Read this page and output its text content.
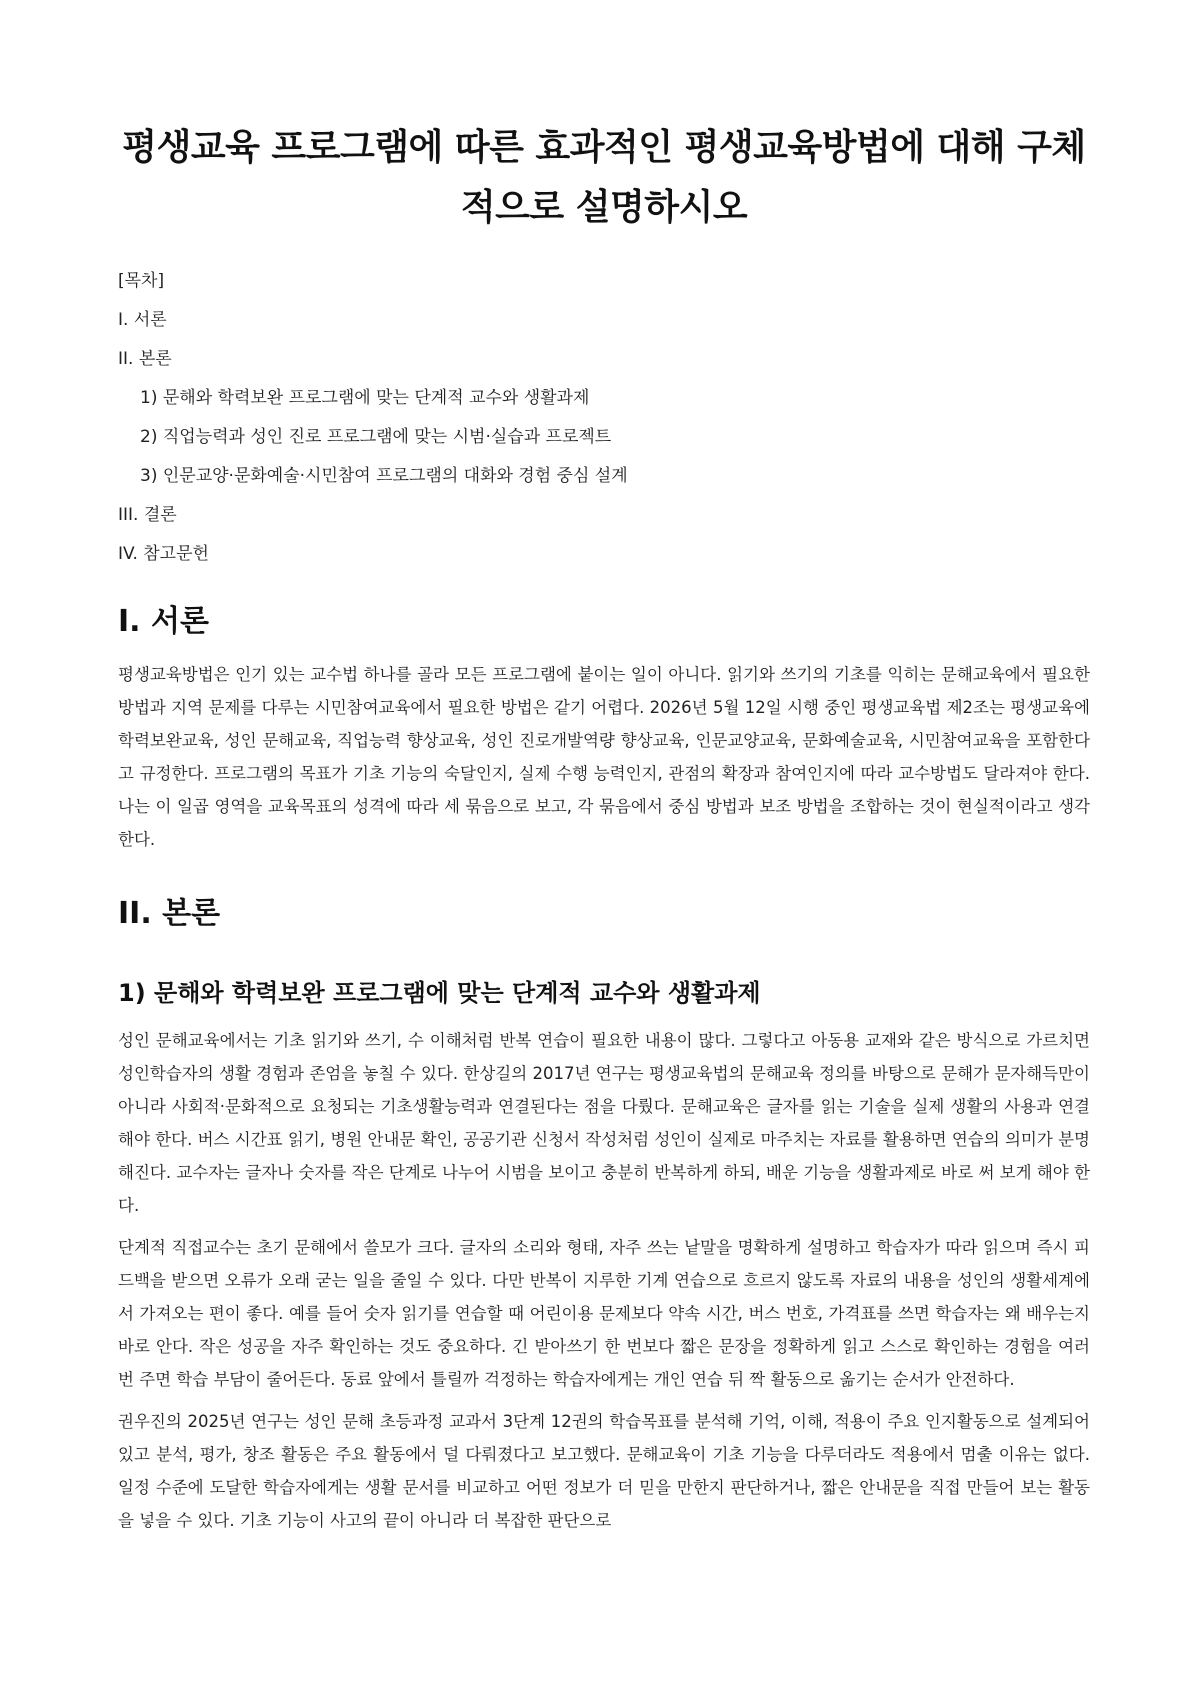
평생교육 프로그램에 따른 효과적인 평생교육방법에 대해 구체적으로 설명하시오
[목차]
I. 서론
II. 본론
1) 문해와 학력보완 프로그램에 맞는 단계적 교수와 생활과제
2) 직업능력과 성인 진로 프로그램에 맞는 시범·실습과 프로젝트
3) 인문교양·문화예술·시민참여 프로그램의 대화와 경험 중심 설계
III. 결론
IV. 참고문헌
I. 서론

평생교육방법은 인기 있는 교수법 하나를 골라 모든 프로그램에 붙이는 일이 아니다. 읽기와 쓰기의 기초를 익히는 문해교육에서 필요한 방법과 지역 문제를 다루는 시민참여교육에서 필요한 방법은 같기 어렵다. 2026년 5월 12일 시행 중인 평생교육법 제2조는 평생교육에 학력보완교육, 성인 문해교육, 직업능력 향상교육, 성인 진로개발역량 향상교육, 인문교양교육, 문화예술교육, 시민참여교육을 포함한다고 규정한다. 프로그램의 목표가 기초 기능의 숙달인지, 실제 수행 능력인지, 관점의 확장과 참여인지에 따라 교수방법도 달라져야 한다. 나는 이 일곱 영역을 교육목표의 성격에 따라 세 묶음으로 보고, 각 묶음에서 중심 방법과 보조 방법을 조합하는 것이 현실적이라고 생각한다.

II. 본론
1) 문해와 학력보완 프로그램에 맞는 단계적 교수와 생활과제

성인 문해교육에서는 기초 읽기와 쓰기, 수 이해처럼 반복 연습이 필요한 내용이 많다. 그렇다고 아동용 교재와 같은 방식으로 가르치면 성인학습자의 생활 경험과 존엄을 놓칠 수 있다. 한상길의 2017년 연구는 평생교육법의 문해교육 정의를 바탕으로 문해가 문자해득만이 아니라 사회적·문화적으로 요청되는 기초생활능력과 연결된다는 점을 다뤘다. 문해교육은 글자를 읽는 기술을 실제 생활의 사용과 연결해야 한다. 버스 시간표 읽기, 병원 안내문 확인, 공공기관 신청서 작성처럼 성인이 실제로 마주치는 자료를 활용하면 연습의 의미가 분명해진다. 교수자는 글자나 숫자를 작은 단계로 나누어 시범을 보이고 충분히 반복하게 하되, 배운 기능을 생활과제로 바로 써 보게 해야 한다.

단계적 직접교수는 초기 문해에서 쓸모가 크다. 글자의 소리와 형태, 자주 쓰는 낱말을 명확하게 설명하고 학습자가 따라 읽으며 즉시 피드백을 받으면 오류가 오래 굳는 일을 줄일 수 있다. 다만 반복이 지루한 기계 연습으로 흐르지 않도록 자료의 내용을 성인의 생활세계에서 가져오는 편이 좋다. 예를 들어 숫자 읽기를 연습할 때 어린이용 문제보다 약속 시간, 버스 번호, 가격표를 쓰면 학습자는 왜 배우는지 바로 안다. 작은 성공을 자주 확인하는 것도 중요하다. 긴 받아쓰기 한 번보다 짧은 문장을 정확하게 읽고 스스로 확인하는 경험을 여러 번 주면 학습 부담이 줄어든다. 동료 앞에서 틀릴까 걱정하는 학습자에게는 개인 연습 뒤 짝 활동으로 옮기는 순서가 안전하다.

권우진의 2025년 연구는 성인 문해 초등과정 교과서 3단계 12권의 학습목표를 분석해 기억, 이해, 적용이 주요 인지활동으로 설계되어 있고 분석, 평가, 창조 활동은 주요 활동에서 덜 다뤄졌다고 보고했다. 문해교육이 기초 기능을 다루더라도 적용에서 멈출 이유는 없다. 일정 수준에 도달한 학습자에게는 생활 문서를 비교하고 어떤 정보가 더 믿을 만한지 판단하거나, 짧은 안내문을 직접 만들어 보는 활동을 넣을 수 있다. 기초 기능이 사고의 끝이 아니라 더 복잡한 판단으로
